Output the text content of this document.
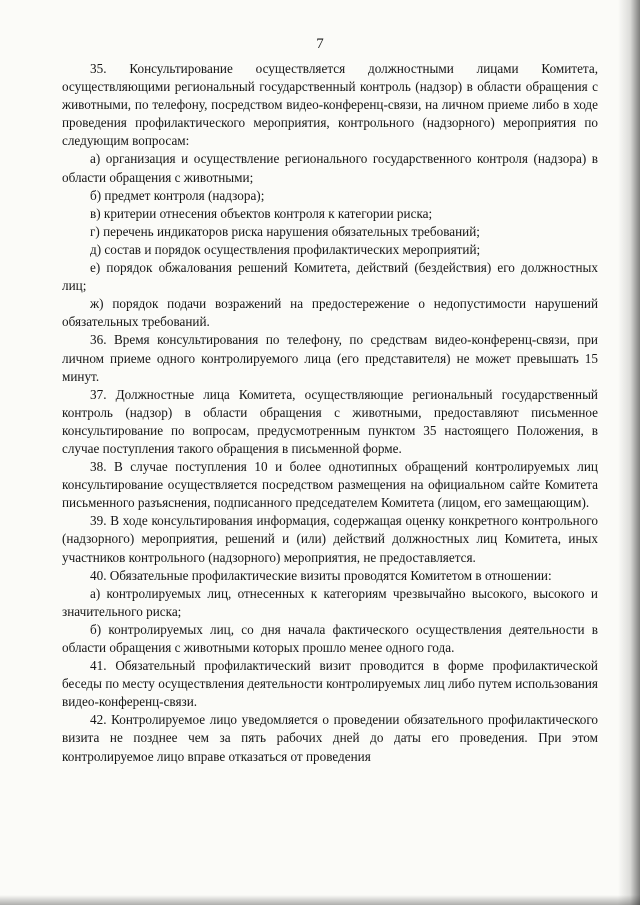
7

35. Консультирование осуществляется должностными лицами Комитета, осуществляющими региональный государственный контроль (надзор) в области обращения с животными, по телефону, посредством видео-конференц-связи, на личном приеме либо в ходе проведения профилактического мероприятия, контрольного (надзорного) мероприятия по следующим вопросам:

а) организация и осуществление регионального государственного контроля (надзора) в области обращения с животными;

б) предмет контроля (надзора);

в) критерии отнесения объектов контроля к категории риска;

г) перечень индикаторов риска нарушения обязательных требований;

д) состав и порядок осуществления профилактических мероприятий;

е) порядок обжалования решений Комитета, действий (бездействия) его должностных лиц;

ж) порядок подачи возражений на предостережение о недопустимости нарушений обязательных требований.

36. Время консультирования по телефону, по средствам видео-конференц-связи, при личном приеме одного контролируемого лица (его представителя) не может превышать 15 минут.

37. Должностные лица Комитета, осуществляющие региональный государственный контроль (надзор) в области обращения с животными, предоставляют письменное консультирование по вопросам, предусмотренным пунктом 35 настоящего Положения, в случае поступления такого обращения в письменной форме.

38. В случае поступления 10 и более однотипных обращений контролируемых лиц консультирование осуществляется посредством размещения на официальном сайте Комитета письменного разъяснения, подписанного председателем Комитета (лицом, его замещающим).

39. В ходе консультирования информация, содержащая оценку конкретного контрольного (надзорного) мероприятия, решений и (или) действий должностных лиц Комитета, иных участников контрольного (надзорного) мероприятия, не предоставляется.

40. Обязательные профилактические визиты проводятся Комитетом в отношении:

а) контролируемых лиц, отнесенных к категориям чрезвычайно высокого, высокого и значительного риска;

б) контролируемых лиц, со дня начала фактического осуществления деятельности в области обращения с животными которых прошло менее одного года.

41. Обязательный профилактический визит проводится в форме профилактической беседы по месту осуществления деятельности контролируемых лиц либо путем использования видео-конференц-связи.

42. Контролируемое лицо уведомляется о проведении обязательного профилактического визита не позднее чем за пять рабочих дней до даты его проведения. При этом контролируемое лицо вправе отказаться от проведения
